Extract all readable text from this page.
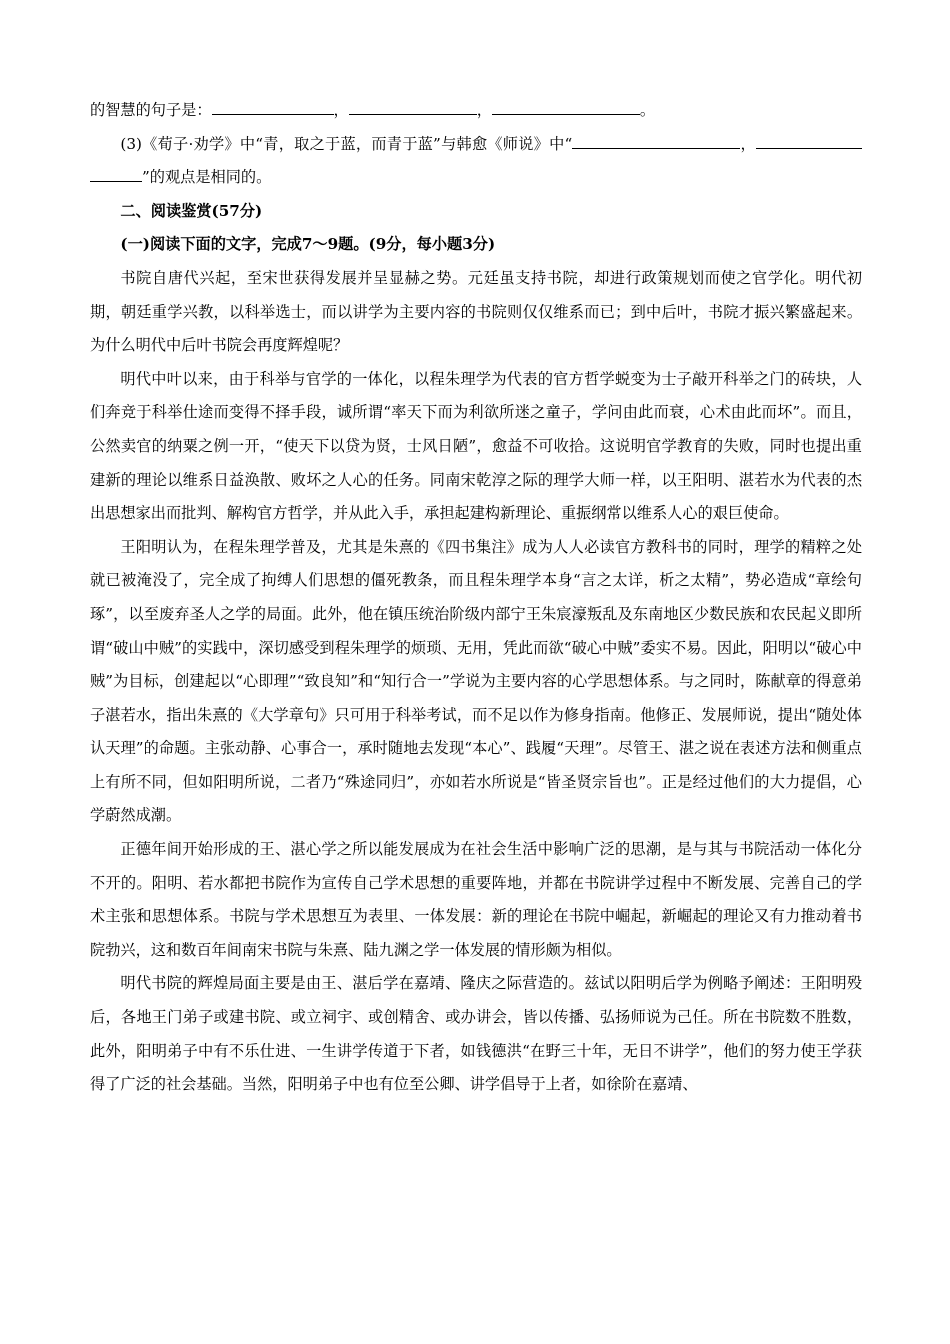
的智慧的句子是：	，	，	。

(3)《荀子·劝学》中“青，取之于蓝，而青于蓝”与韩愈《师说》中“	，”的观点是相同的。

二、阅读鉴赏(57分)

(一)阅读下面的文字，完成7～9题。(9分，每小题3分)

书院自唐代兴起，至宋世获得发展并呈显赫之势。元廷虽支持书院，却进行政策规划而使之官学化。明代初期，朝廷重学兴教，以科举选士，而以讲学为主要内容的书院则仅仅维系而已；到中后叶，书院才振兴繁盛起来。为什么明代中后叶书院会再度辉煌呢？

明代中叶以来，由于科举与官学的一体化，以程朱理学为代表的官方哲学蜕变为士子敲开科举之门的砖块，人们奔竞于科举仕途而变得不择手段，诚所谓“率天下而为利欲所迷之童子，学问由此而衰，心术由此而坏”。而且，公然卖官的纳粟之例一开，“使天下以贷为贤，士风日陋”，愈益不可收拾。这说明官学教育的失败，同时也提出重建新的理论以维系日益涣散、败坏之人心的任务。同南宋乾淳之际的理学大师一样，以王阳明、湛若水为代表的杰出思想家出而批判、解构官方哲学，并从此入手，承担起建构新理论、重振纲常以维系人心的艰巨使命。

王阳明认为，在程朱理学普及，尤其是朱熹的《四书集注》成为人人必读官方教科书的同时，理学的精粹之处就已被淹没了，完全成了拘缚人们思想的僵死教条，而且程朱理学本身“言之太详，析之太精”，势必造成“章绘句琢”，以至废弃圣人之学的局面。此外，他在镇压统治阶级内部宁王朱宸濠叛乱及东南地区少数民族和农民起义即所谓“破山中贼”的实践中，深切感受到程朱理学的烦琐、无用，凭此而欲“破心中贼”委实不易。因此，阳明以“破心中贼”为目标，创建起以“心即理”“致良知”和“知行合一”学说为主要内容的心学思想体系。与之同时，陈献章的得意弟子湛若水，指出朱熹的《大学章句》只可用于科举考试，而不足以作为修身指南。他修正、发展师说，提出“随处体认天理”的命题。主张动静、心事合一，承时随地去发现“本心”、践履“天理”。尽管王、湛之说在表述方法和侧重点上有所不同，但如阳明所说，二者乃“殊途同归”，亦如若水所说是“皆圣贤宗旨也”。正是经过他们的大力提倡，心学蔚然成潮。

正德年间开始形成的王、湛心学之所以能发展成为在社会生活中影响广泛的思潮，是与其与书院活动一体化分不开的。阳明、若水都把书院作为宣传自己学术思想的重要阵地，并都在书院讲学过程中不断发展、完善自己的学术主张和思想体系。书院与学术思想互为表里、一体发展：新的理论在书院中崛起，新崛起的理论又有力推动着书院勃兴，这和数百年间南宋书院与朱熹、陆九渊之学一体发展的情形颇为相似。

明代书院的辉煌局面主要是由王、湛后学在嘉靖、隆庆之际营造的。兹试以阳明后学为例略予阐述：王阳明殁后，各地王门弟子或建书院、或立祠宇、或创精舍、或办讲会，皆以传播、弘扬师说为己任。所在书院数不胜数，此外，阳明弟子中有不乐仕进、一生讲学传道于下者，如钱德洪“在野三十年，无日不讲学”，他们的努力使王学获得了广泛的社会基础。当然，阳明弟子中也有位至公卿、讲学倡导于上者，如徐阶在嘉靖、
